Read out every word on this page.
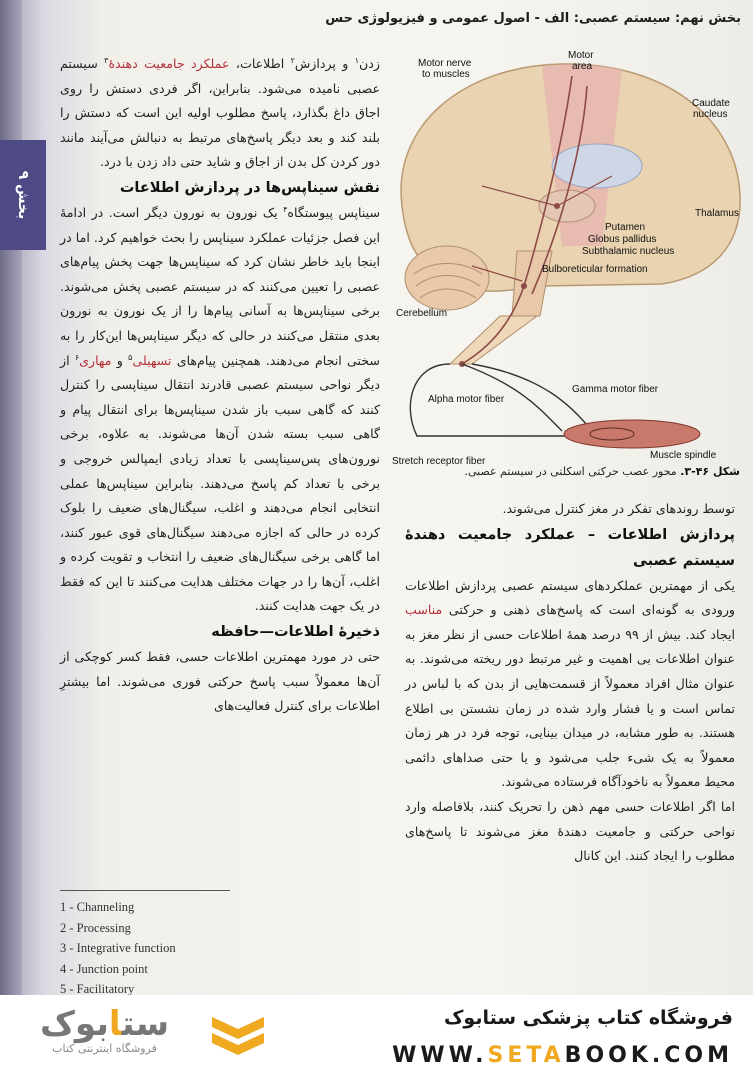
بخش ۹
بخش نهم: سیستم عصبی: الف - اصول عمومی و فیزیولوژی حس

زدن$^۱$ و پردازش$^۲$ اطلاعات، عملکرد جامعیت دهندهٔ$^۳$ سیستم عصبی نامیده می‌شود. بنابراین، اگر فردی دستش را روی اجاق داغ بگذارد، پاسخ مطلوب اولیه این است که دستش را بلند کند و بعد دیگر پاسخ‌های مرتبط به دنبالش می‌آیند مانند دور کردن کل بدن از اجاق و شاید حتی داد زدن با درد.

نقش سیناپس‌ها در پردازش اطلاعات

سیناپس پیوستگاه$^۴$ یک نورون به نورون دیگر است. در ادامهٔ این فصل جزئیات عملکرد سیناپس را بحث خواهیم کرد. اما در اینجا باید خاطر نشان کرد که سیناپس‌ها جهت پخش پیام‌های عصبی را تعیین می‌کنند که در سیستم عصبی پخش می‌شوند. برخی سیناپس‌ها به آسانی پیام‌ها را از یک نورون به نورون بعدی منتقل می‌کنند در حالی که دیگر سیناپس‌ها این‌کار را به سختی انجام می‌دهند. همچنین پیام‌های تسهیلی$^۵$ و مهاری$^۶$ از دیگر نواحی سیستم عصبی قادرند انتقال سیناپسی را کنترل کنند که گاهی سبب باز شدن سیناپس‌ها برای انتقال پیام و گاهی سبب بسته شدن آن‌ها می‌شوند. به علاوه، برخی نورون‌های پس‌سیناپسی با تعداد زیادی ایمپالس خروجی و برخی با تعداد کم پاسخ می‌دهند. بنابراین سیناپس‌ها عملی انتخابی انجام می‌دهند و اغلب، سیگنال‌های ضعیف را بلوک کرده در حالی که اجازه می‌دهند سیگنال‌های قوی عبور کنند، اما گاهی برخی سیگنال‌های ضعیف را انتخاب و تقویت کرده و اغلب، آن‌ها را در جهات مختلف هدایت می‌کنند تا این که فقط در یک جهت هدایت کنند.

ذخیرهٔ اطلاعات—حافظه

حتی در مورد مهمترین اطلاعات حسی، فقط کسر کوچکی از آن‌ها معمولاً سبب پاسخ حرکتی فوری می‌شوند. اما بیشترِ اطلاعات برای کنترل فعالیت‌های

Motor nerve
to muscles
Motor
area
Caudate
nucleus
Thalamus
Putamen
Globus pallidus
Subthalamic nucleus
Bulboreticular formation
Cerebellum
Gamma motor fiber
Alpha motor fiber
Muscle spindle
Stretch receptor fiber
شکل ۴۶-۳. محور عصب حرکتی اسکلتی در سیستم عصبی.

توسط روندهای تفکر در مغز کنترل می‌شوند.

پردازش اطلاعات – عملکرد جامعیت دهندهٔ سیستم عصبی

یکی از مهمترین عملکردهای سیستم عصبی پردازش اطلاعات ورودی به گونه‌ای است که پاسخ‌های ذهنی و حرکتی مناسب ایجاد کند. بیش از ۹۹ درصد همهٔ اطلاعات حسی از نظر مغز به عنوان اطلاعات بی اهمیت و غیر مرتبط دور ریخته می‌شوند. به عنوان مثال افراد معمولاً از قسمت‌هایی از بدن که با لباس در تماس است و یا فشار وارد شده در زمان نشستن بی اطلاع هستند. به طور مشابه، در میدان بینایی، توجه فرد در هر زمان معمولاً به یک شیء جلب می‌شود و یا حتی صداهای دائمی محیط معمولاً به ناخودآگاه فرستاده می‌شوند.

اما اگر اطلاعات حسی مهم ذهن را تحریک کنند، بلافاصله وارد نواحی حرکتی و جامعیت دهندهٔ مغز می‌شوند تا پاسخ‌های مطلوب را ایجاد کنند. این کانال

1 - Channeling
2 - Processing
3 - Integrative function
4 - Junction point
5 - Facilitatory
ستابوک
فروشگاه اینترنتی کتاب
فروشگاه کتاب پزشکی ستابوک
WWW.SETABOOK.COM
